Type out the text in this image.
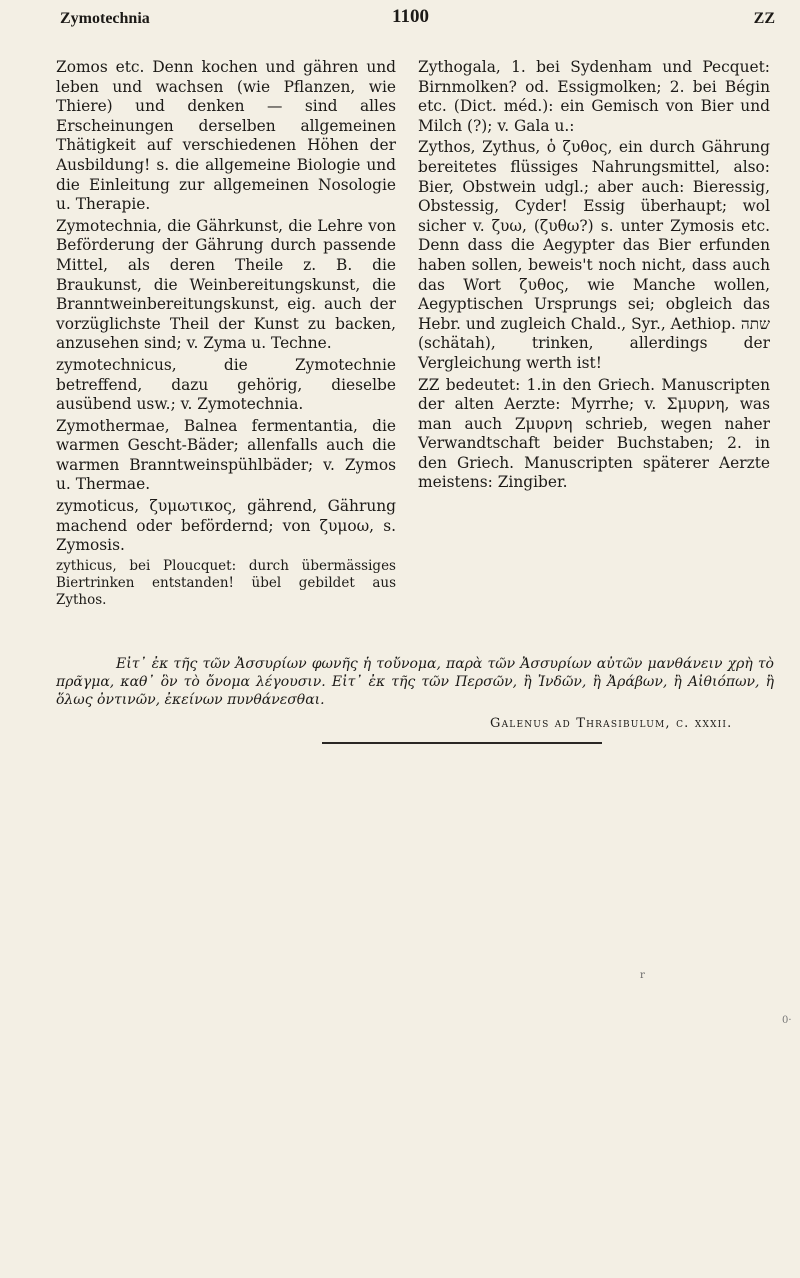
Zymotechnia	1100	ZZ

Zomos etc. Denn kochen und gähren und leben und wachsen (wie Pflanzen, wie Thiere) und denken — sind alles Erscheinungen derselben allgemeinen Thätigkeit auf verschiedenen Höhen der Ausbildung! s. die allgemeine Biologie und die Einleitung zur allgemeinen Nosologie u. Therapie.

Zymotechnia, die Gährkunst, die Lehre von Beförderung der Gährung durch passende Mittel, als deren Theile z. B. die Braukunst, die Weinbereitungskunst, die Branntweinbereitungskunst, eig. auch der vorzüglichste Theil der Kunst zu backen, anzusehen sind; v. Zyma u. Techne.

zymotechnicus, die Zymotechnie betreffend, dazu gehörig, dieselbe ausübend usw.; v. Zymotechnia.

Zymothermae, Balnea fermentantia, die warmen Gescht-Bäder; allenfalls auch die warmen Branntweinspühlbäder; v. Zymos u. Thermae.

zymoticus, ζυμωτικος, gährend, Gährung machend oder befördernd; von ζυμοω, s. Zymosis.

zythicus, bei Ploucquet: durch übermässiges Biertrinken entstanden! übel gebildet aus Zythos.

Zythogala, 1. bei Sydenham und Pecquet: Birnmolken? od. Essigmolken; 2. bei Bégin etc. (Dict. méd.): ein Gemisch von Bier und Milch (?); v. Gala u.:

Zythos, Zythus, ὁ ζυθος, ein durch Gährung bereitetes flüssiges Nahrungsmittel, also: Bier, Obstwein udgl.; aber auch: Bieressig, Obstessig, Cyder! Essig überhaupt; wol sicher v. ζυω, (ζυθω?) s. unter Zymosis etc. Denn dass die Aegypter das Bier erfunden haben sollen, beweis't noch nicht, dass auch das Wort ζυθος, wie Manche wollen, Aegyptischen Ursprungs sei; obgleich das Hebr. und zugleich Chald., Syr., Aethiop. שתה (schätah), trinken, allerdings der Vergleichung werth ist!

ZZ bedeutet: 1.in den Griech. Manuscripten der alten Aerzte: Myrrhe; v. Σμυρνη, was man auch Ζμυρνη schrieb, wegen naher Verwandtschaft beider Buchstaben; 2. in den Griech. Manuscripten späterer Aerzte meistens: Zingiber.

Εἰτ᾽ ἐκ τῆς τῶν Ἀσσυρίων φωνῆς ἡ τοὔνομα, παρὰ τῶν Ἀσσυρίων αὐτῶν μανθάνειν χρὴ τὸ πρᾶγμα, καθ᾽ ὃν τὸ ὄνομα λέγουσιν. Εἰτ᾽ ἐκ τῆς τῶν Περσῶν, ἢ Ἰνδῶν, ἢ Ἀράβων, ἢ Αἰθιόπων, ἢ ὅλως ὀντινῶν, ἐκείνων πυνθάνεσθαι.
Galenus ad Thrasibulum, c. xxxii.
r
0·
